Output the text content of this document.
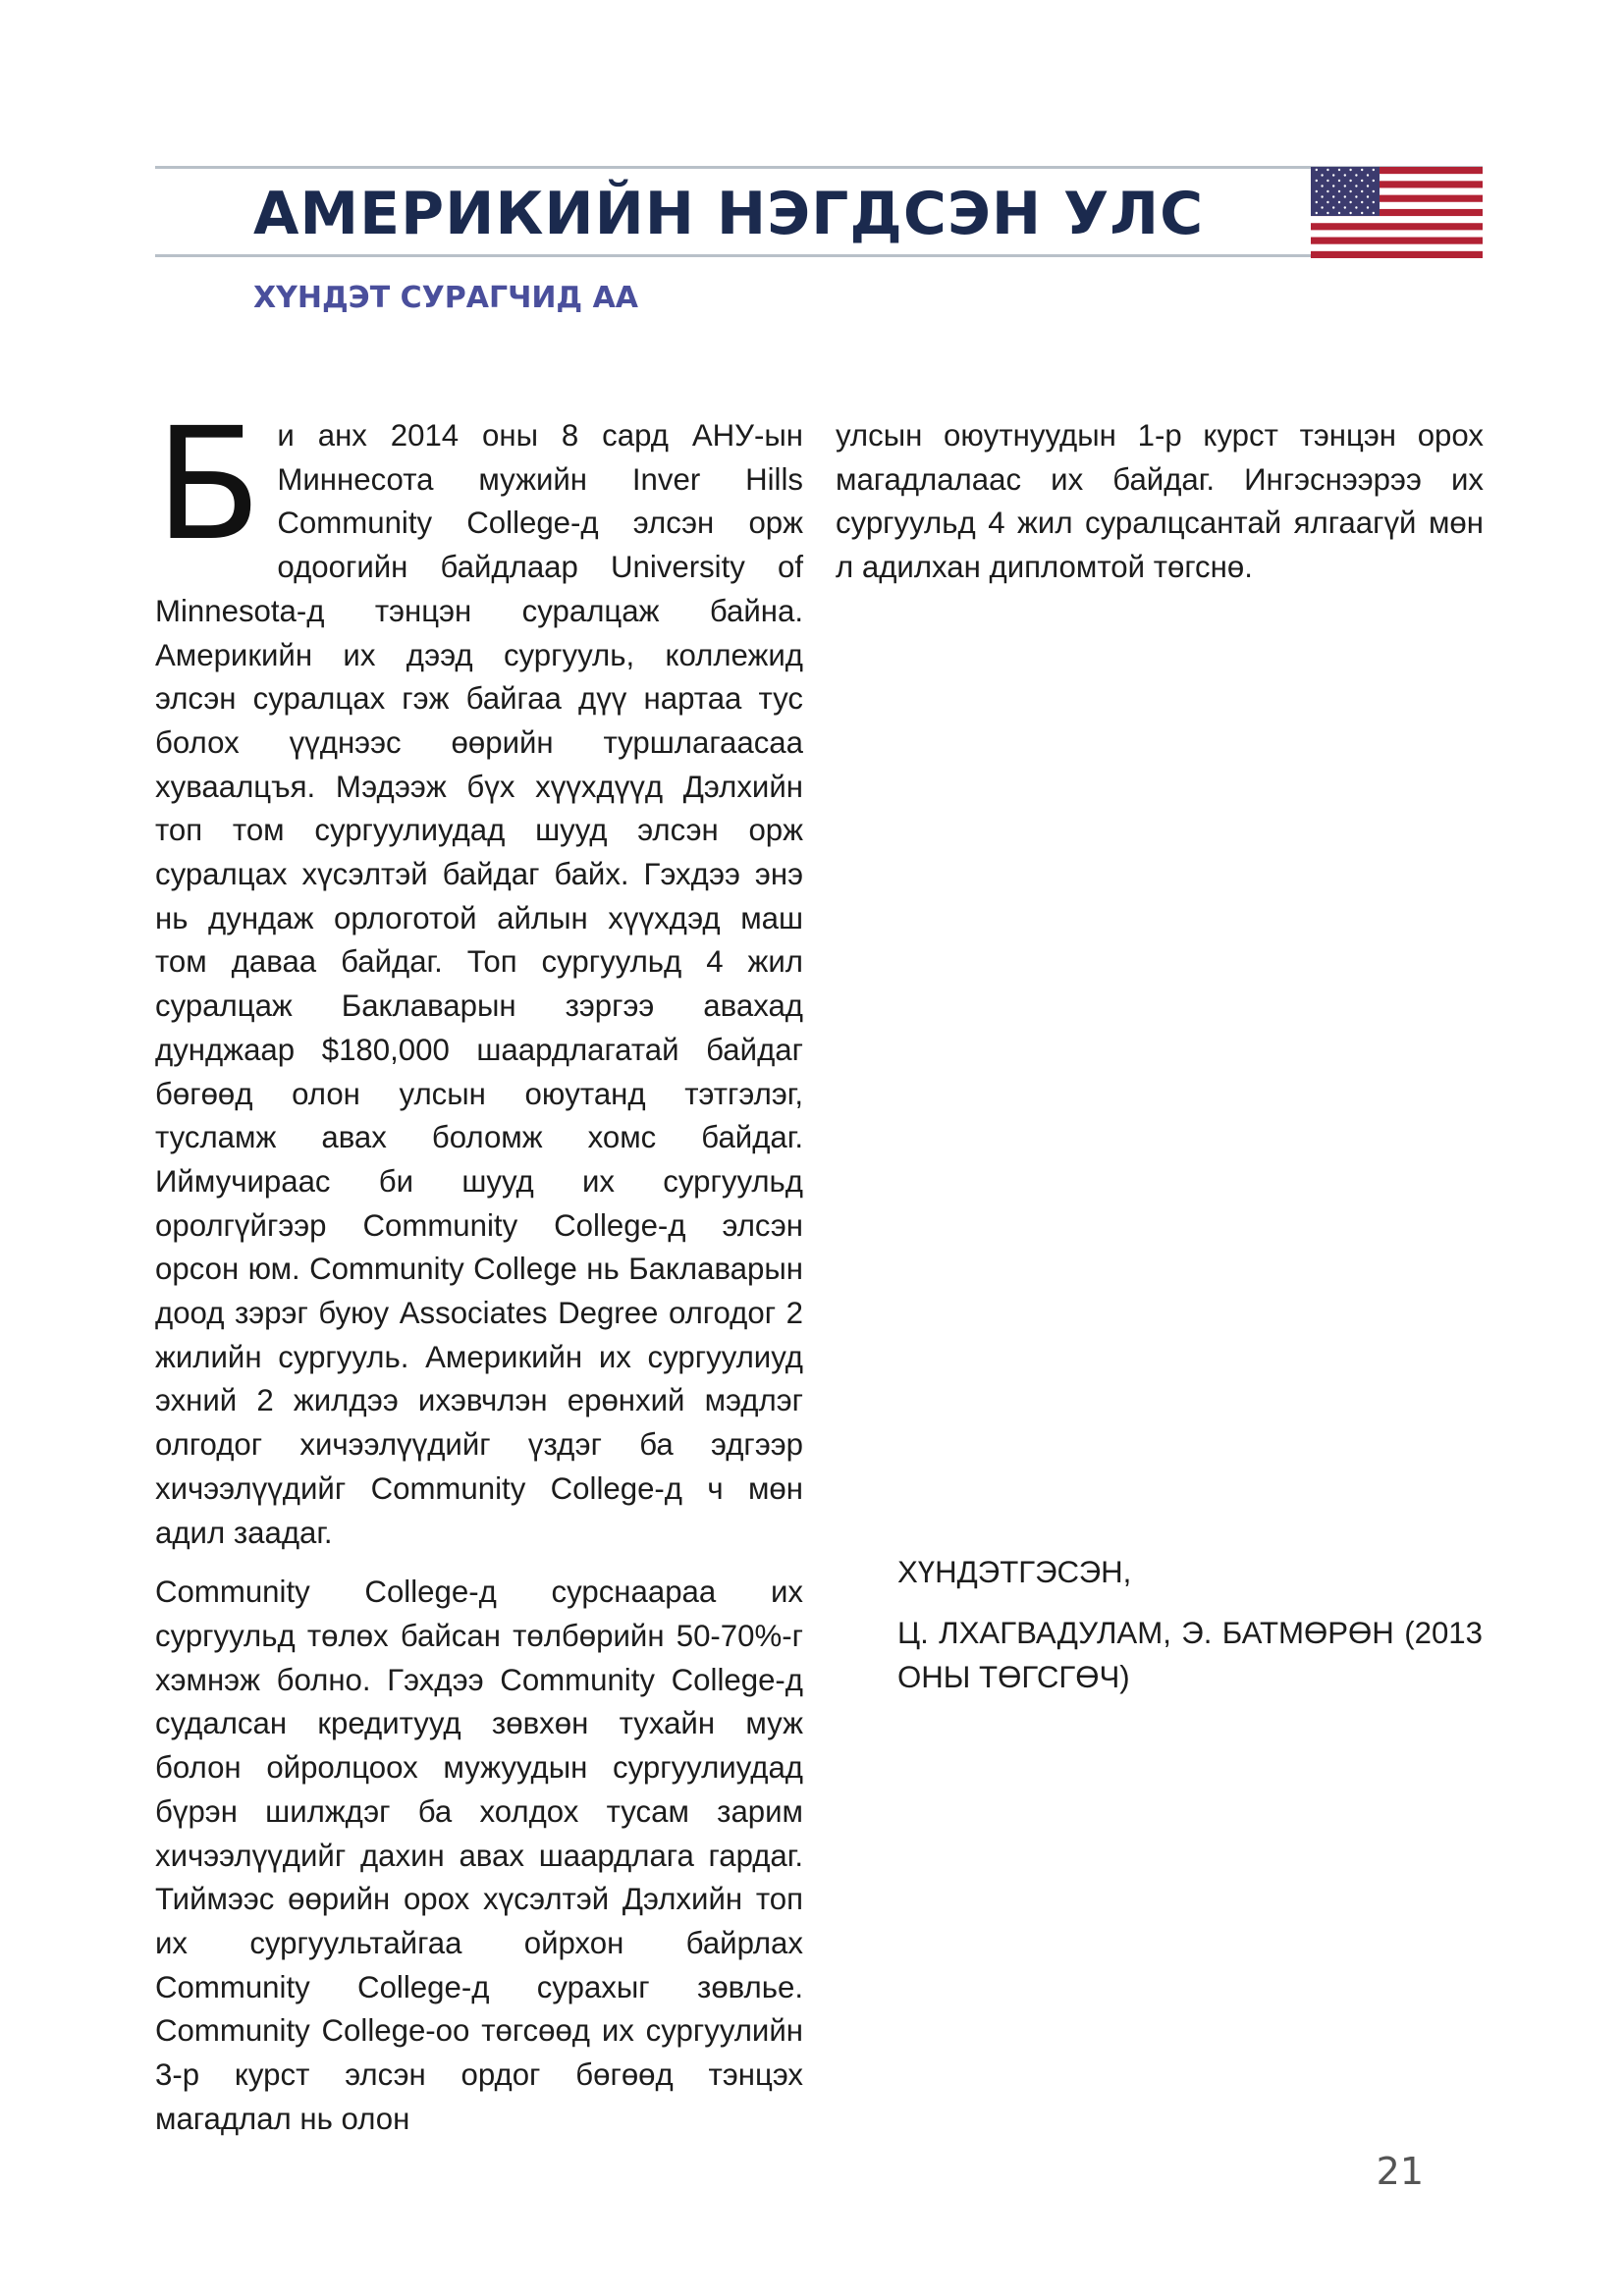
АМЕРИКИЙН НЭГДСЭН УЛС
ХҮНДЭТ СУРАГЧИД АА

Би анх 2014 оны 8 сард АНУ-ын Миннесота мужийн Inver Hills Community College-д элсэн орж одоогийн байдлаар University of Minnesota-д тэнцэн суралцаж байна. Америкийн их дээд сургууль, коллежид элсэн суралцах гэж байгаа дүү нартаа тус болох үүднээс өөрийн туршлагаасаа хуваалцъя. Мэдээж бүх хүүхдүүд Дэлхийн топ том сургуулиудад шууд элсэн орж суралцах хүсэлтэй байдаг байх. Гэхдээ энэ нь дундаж орлоготой айлын хүүхдэд маш том даваа байдаг. Топ сургуульд 4 жил суралцаж Баклаварын зэргээ авахад дунджаар $180,000 шаардлагатай байдаг бөгөөд олон улсын оюутанд тэтгэлэг, тусламж авах боломж хомс байдаг. Иймучираас би шууд их сургуульд оролгүйгээр Community College-д элсэн орсон юм. Community College нь Баклаварын доод зэрэг буюу Associates Degree олгодог 2 жилийн сургууль. Америкийн их сургуулиуд эхний 2 жилдээ ихэвчлэн ерөнхий мэдлэг олгодог хичээлүүдийг үздэг ба эдгээр хичээлүүдийг Community College-д ч мөн адил заадаг.

Community College-д сурснаараа их сургуульд төлөх байсан төлбөрийн 50-70%-г хэмнэж болно. Гэхдээ Community College-д судалсан кредитууд зөвхөн тухайн муж болон ойролцоох мужуудын сургуулиудад бүрэн шилждэг ба холдох тусам зарим хичээлүүдийг дахин авах шаардлага гардаг. Тиймээс өөрийн орох хүсэлтэй Дэлхийн топ их сургуультайгаа ойрхон байрлах Community College-д сурахыг зөвлье. Community College-оо төгсөөд их сургуулийн 3-р курст элсэн ордог бөгөөд тэнцэх магадлал нь олон

улсын оюутнуудын 1-р курст тэнцэн орох магадлалаас их байдаг. Ингэснээрээ их сургуульд 4 жил суралцсантай ялгаагүй мөн л адилхан дипломтой төгснө.

ХҮНДЭТГЭСЭН,

Ц. ЛХАГВАДУЛАМ, Э. БАТМӨРӨН (2013 ОНЫ ТӨГСГӨЧ)

21
